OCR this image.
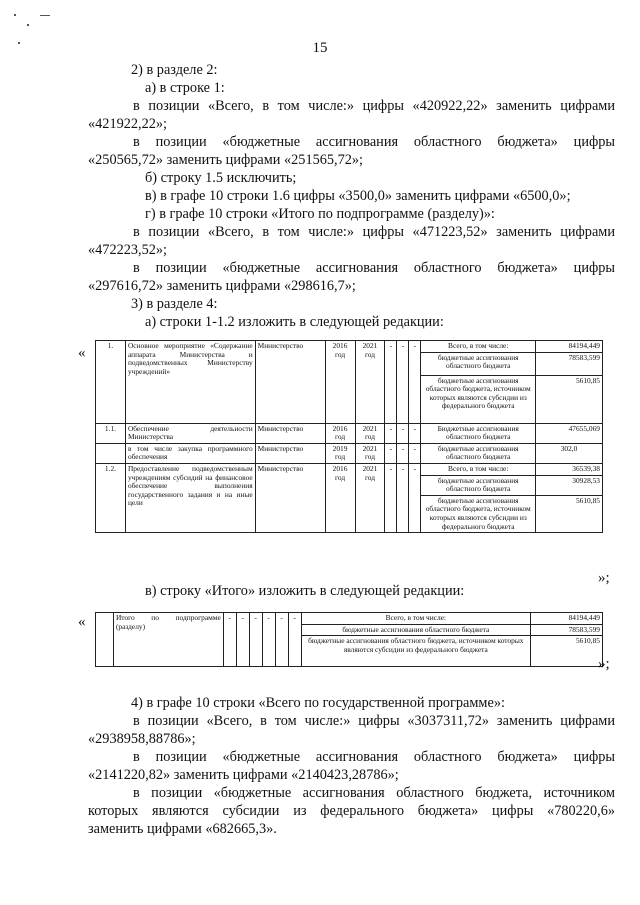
15
2) в разделе 2:
а) в строке 1:
в позиции «Всего, в том числе:» цифры «420922,22» заменить цифрами
«421922,22»;
в позиции «бюджетные ассигнования областного бюджета» цифры
«250565,72» заменить цифрами «251565,72»;
б) строку 1.5 исключить;
в) в графе 10 строки 1.6 цифры «3500,0» заменить цифрами «6500,0»;
г) в графе 10 строки «Итого по подпрограмме (разделу)»:
в позиции «Всего, в том числе:» цифры «471223,52» заменить цифрами
«472223,52»;
в позиции «бюджетные ассигнования областного бюджета» цифры
«297616,72» заменить цифрами «298616,7»;
3) в разделе 4:
а) строки 1-1.2 изложить в следующей редакции:
«	1.	Основное мероприятие «Содержание аппарата Министерства и подведомственных Министерству учреждений»	Министерство	2016 год	2021 год	-	-	-	Всего, в том числе:	84194,449
								бюджетные ассигнования областного бюджета	78583,599
								бюджетные ассигнования областного бюджета, источником которых являются субсидии из федерального бюджета	5610,85
1.1.	Обеспечение деятельности Министерства	Министерство	2016 год	2021 год	-	-	-	Бюджетные ассигнования областного бюджета	47655,069
	в том числе закупка программного обеспечения	Министерство	2019 год	2021 год	-	-	-	бюджетные ассигнования областного бюджета	302,0
1.2.	Предоставление подведомственным учреждениям субсидий на финансовое обеспечение выполнения государственного задания и на иные цели	Министерство	2016 год	2021 год	-	-	-	Всего, в том числе:	36539,38
								бюджетные ассигнования областного бюджета	30928,53
								бюджетные ассигнования областного бюджета, источником которых являются субсидии из федерального бюджета	5610,85
»;
в) строку «Итого» изложить в следующей редакции:
«
		Итого по подпрограмме (разделу)	-	-	-	-	-	-	Всего, в том числе:	84194,449
								бюджетные ассигнования областного бюджета	78583,599
								бюджетные ассигнования областного бюджета, источником которых являются субсидии из федерального бюджета	5610,85
»;
4) в графе 10 строки «Всего по государственной программе»:
в позиции «Всего, в том числе:» цифры «3037311,72» заменить цифрами
«2938958,88786»;
в позиции «бюджетные ассигнования областного бюджета» цифры
«2141220,82» заменить цифрами «2140423,28786»;
в позиции «бюджетные ассигнования областного бюджета, источником
которых являются субсидии из федерального бюджета» цифры «780220,6»
заменить цифрами «682665,3».
